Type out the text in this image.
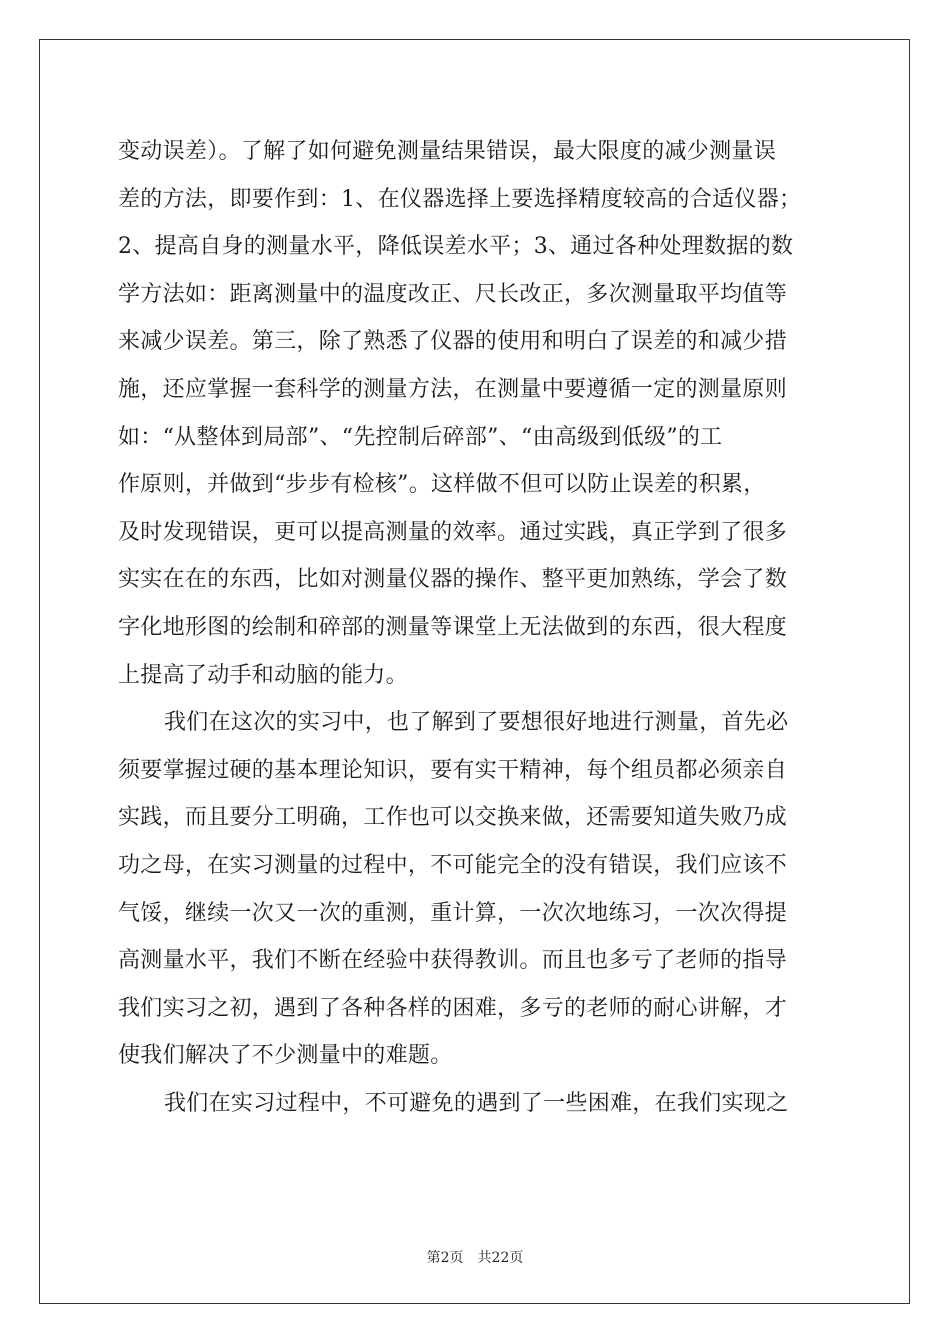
变动误差）。了解了如何避免测量结果错误，最大限度的减少测量误
差的方法，即要作到：1、在仪器选择上要选择精度较高的合适仪器；
2、提高自身的测量水平，降低误差水平；3、通过各种处理数据的数
学方法如：距离测量中的温度改正、尺长改正，多次测量取平均值等
来减少误差。第三，除了熟悉了仪器的使用和明白了误差的和减少措
施，还应掌握一套科学的测量方法，在测量中要遵循一定的测量原则
如：“从整体到局部”、“先控制后碎部”、“由高级到低级”的工
作原则，并做到“步步有检核”。这样做不但可以防止误差的积累，
及时发现错误，更可以提高测量的效率。通过实践，真正学到了很多
实实在在的东西，比如对测量仪器的操作、整平更加熟练，学会了数
字化地形图的绘制和碎部的测量等课堂上无法做到的东西，很大程度
上提高了动手和动脑的能力。
我们在这次的实习中，也了解到了要想很好地进行测量，首先必
须要掌握过硬的基本理论知识，要有实干精神，每个组员都必须亲自
实践，而且要分工明确，工作也可以交换来做，还需要知道失败乃成
功之母，在实习测量的过程中，不可能完全的没有错误，我们应该不
气馁，继续一次又一次的重测，重计算，一次次地练习，一次次得提
高测量水平，我们不断在经验中获得教训。而且也多亏了老师的指导
我们实习之初，遇到了各种各样的困难，多亏的老师的耐心讲解，才
使我们解决了不少测量中的难题。
我们在实习过程中，不可避免的遇到了一些困难，在我们实现之
第2页 共22页
